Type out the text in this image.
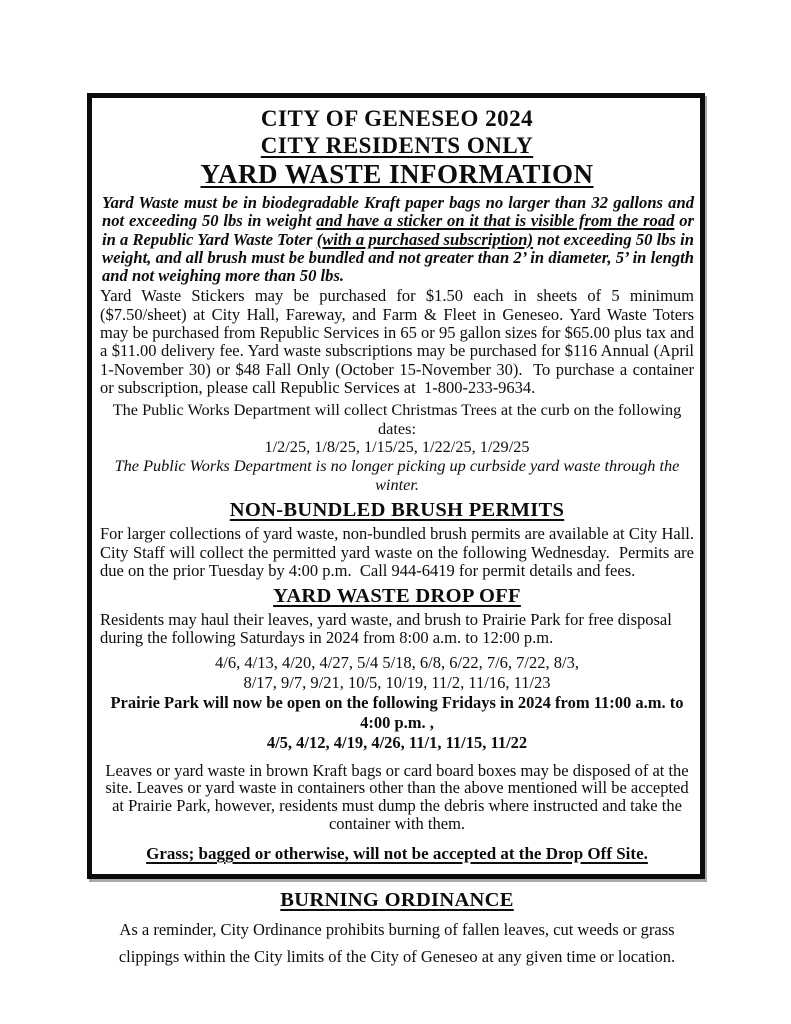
CITY OF GENESEO 2024
CITY RESIDENTS ONLY
YARD WASTE INFORMATION

Yard Waste must be in biodegradable Kraft paper bags no larger than 32 gallons and not exceeding 50 lbs in weight and have a sticker on it that is visible from the road or in a Republic Yard Waste Toter (with a purchased subscription) not exceeding 50 lbs in weight, and all brush must be bundled and not greater than 2’ in diameter, 5’ in length and not weighing more than 50 lbs.

Yard Waste Stickers may be purchased for $1.50 each in sheets of 5 minimum ($7.50/sheet) at City Hall, Fareway, and Farm & Fleet in Geneseo. Yard Waste Toters may be purchased from Republic Services in 65 or 95 gallon sizes for $65.00 plus tax and a $11.00 delivery fee. Yard waste subscriptions may be purchased for $116 Annual (April 1-November 30) or $48 Fall Only (October 15-November 30).  To purchase a container or subscription, please call Republic Services at  1-800-233-9634.

The Public Works Department will collect Christmas Trees at the curb on the following dates:
1/2/25, 1/8/25, 1/15/25, 1/22/25, 1/29/25
The Public Works Department is no longer picking up curbside yard waste through the winter.
NON-BUNDLED BRUSH PERMITS

For larger collections of yard waste, non-bundled brush permits are available at City Hall.  City Staff will collect the permitted yard waste on the following Wednesday.  Permits are due on the prior Tuesday by 4:00 p.m.  Call 944-6419 for permit details and fees.

YARD WASTE DROP OFF

Residents may haul their leaves, yard waste, and brush to Prairie Park for free disposal during the following Saturdays in 2024 from 8:00 a.m. to 12:00 p.m.

4/6, 4/13, 4/20, 4/27, 5/4 5/18, 6/8, 6/22, 7/6, 7/22, 8/3,
8/17, 9/7, 9/21, 10/5, 10/19, 11/2, 11/16, 11/23
Prairie Park will now be open on the following Fridays in 2024 from 11:00 a.m. to 4:00 p.m. ,
4/5, 4/12, 4/19, 4/26, 11/1, 11/15, 11/22

Leaves or yard waste in brown Kraft bags or card board boxes may be disposed of at the site. Leaves or yard waste in containers other than the above mentioned will be accepted at Prairie Park, however, residents must dump the debris where instructed and take the container with them.

Grass; bagged or otherwise, will not be accepted at the Drop Off Site.
BURNING ORDINANCE

As a reminder, City Ordinance prohibits burning of fallen leaves, cut weeds or grass clippings within the City limits of the City of Geneseo at any given time or location.
